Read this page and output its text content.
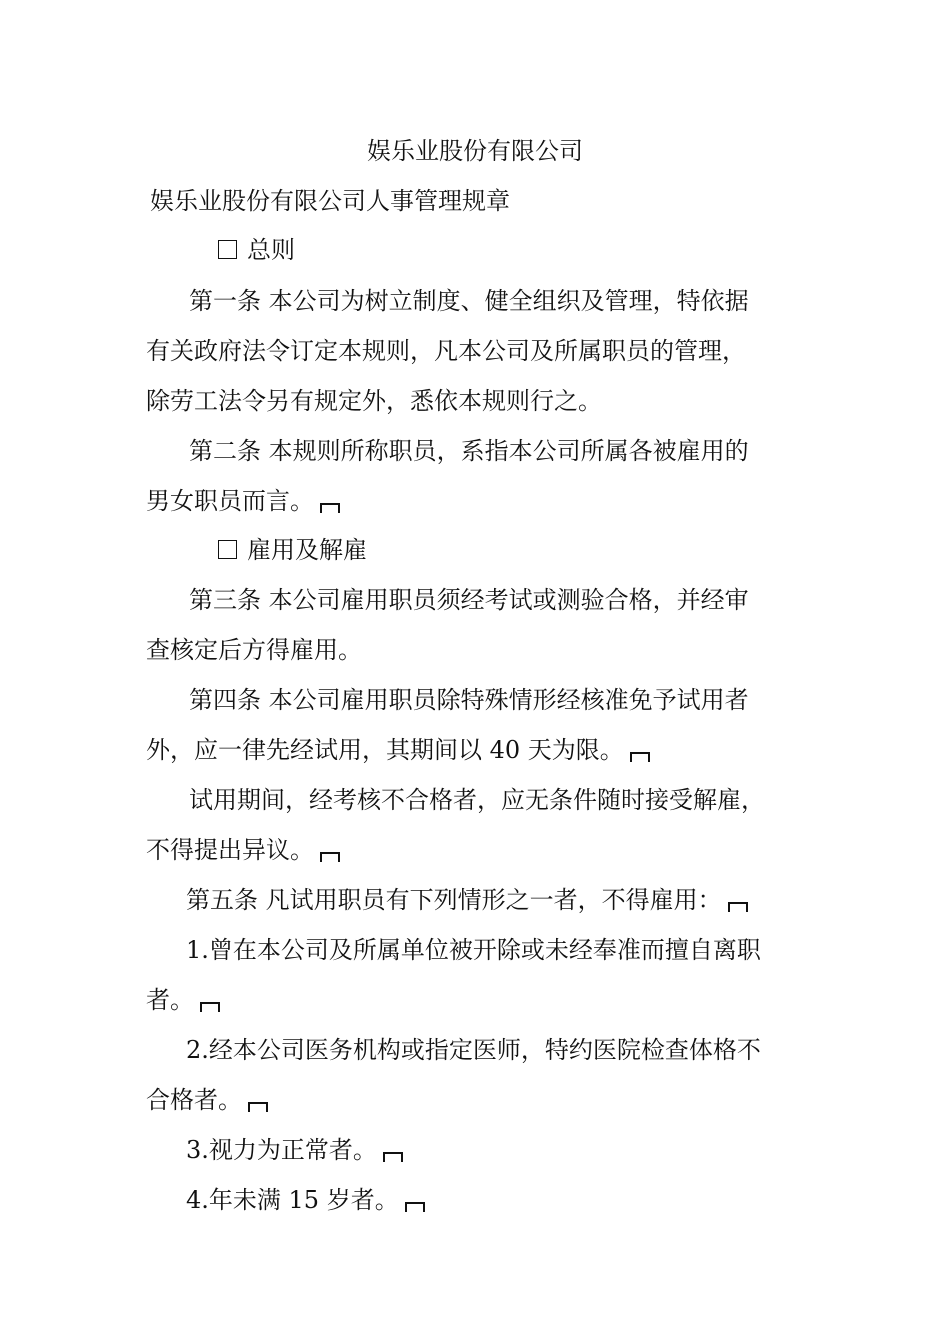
娱乐业股份有限公司
娱乐业股份有限公司人事管理规章
总则
第一条 本公司为树立制度、健全组织及管理，特依据
有关政府法令订定本规则，凡本公司及所属职员的管理，
除劳工法令另有规定外，悉依本规则行之。
第二条 本规则所称职员，系指本公司所属各被雇用的
男女职员而言。
雇用及解雇
第三条 本公司雇用职员须经考试或测验合格，并经审
查核定后方得雇用。
第四条 本公司雇用职员除特殊情形经核准免予试用者
外，应一律先经试用，其期间以 40 天为限。
试用期间，经考核不合格者，应无条件随时接受解雇，
不得提出异议。
第五条 凡试用职员有下列情形之一者，不得雇用：
1.曾在本公司及所属单位被开除或未经奉准而擅自离职
者。
2.经本公司医务机构或指定医师，特约医院检查体格不
合格者。
3.视力为正常者。
4.年未满 15 岁者。
